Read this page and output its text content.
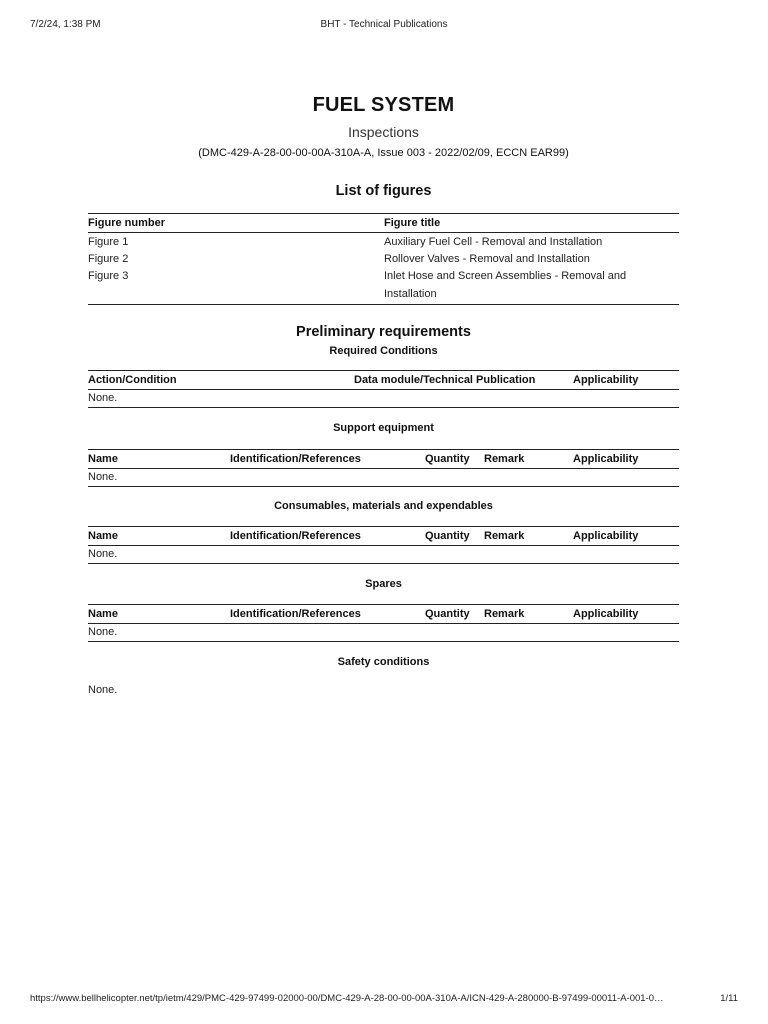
7/2/24, 1:38 PM	BHT - Technical Publications
FUEL SYSTEM
Inspections
(DMC-429-A-28-00-00-00A-310A-A, Issue 003 - 2022/02/09, ECCN EAR99)
List of figures
Figure number	Figure title
Figure 1	Auxiliary Fuel Cell - Removal and Installation
Figure 2	Rollover Valves - Removal and Installation
Figure 3	Inlet Hose and Screen Assemblies - Removal and
Installation
Preliminary requirements
Required Conditions
Action/Condition	Data module/Technical Publication	Applicability
None.
Support equipment
Name	Identification/References	Quantity Remark	Applicability
None.
Consumables, materials and expendables
Name	Identification/References	Quantity Remark	Applicability
None.
Spares
Name	Identification/References	Quantity Remark	Applicability
None.
Safety conditions
None.
https://www.bellhelicopter.net/tp/ietm/429/PMC-429-97499-02000-00/DMC-429-A-28-00-00-00A-310A-A/ICN-429-A-280000-B-97499-00011-A-001-0…	1/11
